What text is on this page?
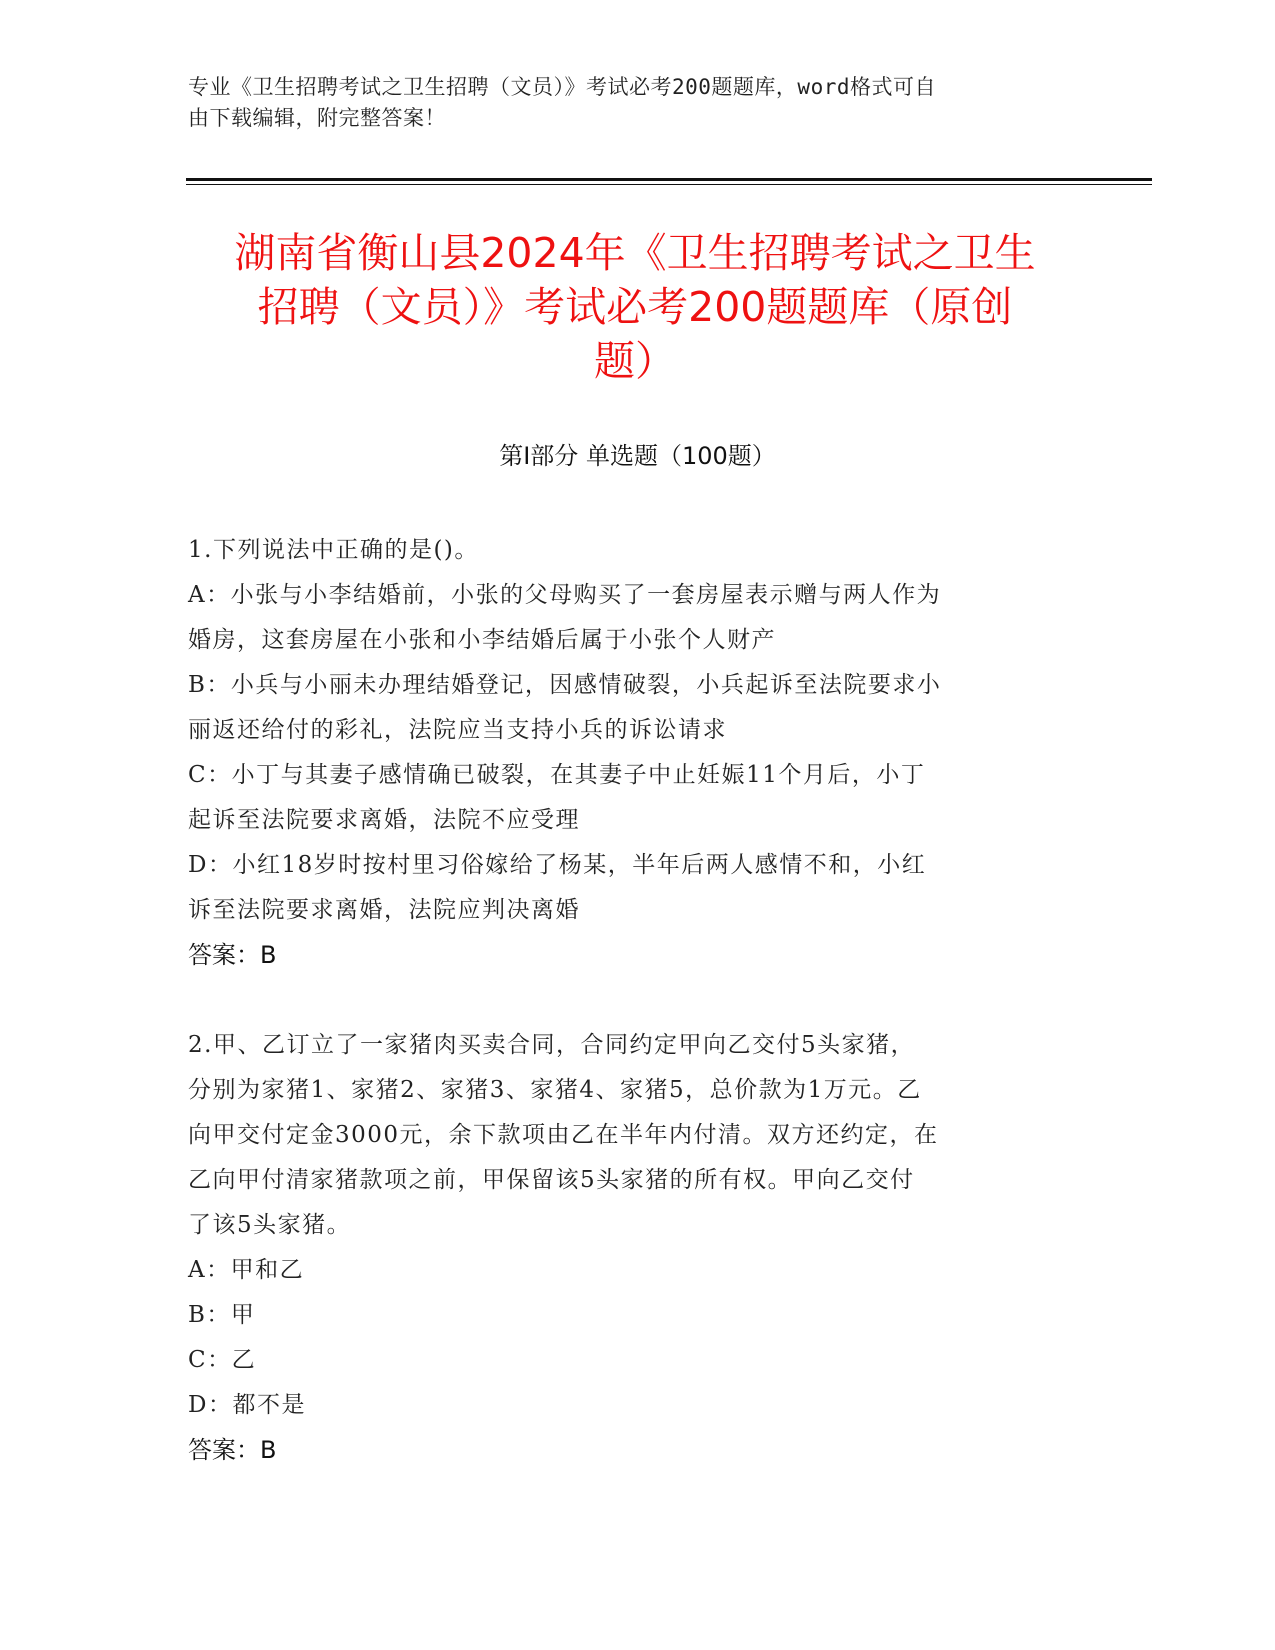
专业《卫生招聘考试之卫生招聘（文员）》考试必考200题题库，word格式可自
由下载编辑，附完整答案！
湖南省衡山县2024年《卫生招聘考试之卫生
招聘（文员）》考试必考200题题库（原创
题）
第Ⅰ部分 单选题（100题）
1.下列说法中正确的是()。
A：小张与小李结婚前，小张的父母购买了一套房屋表示赠与两人作为
婚房，这套房屋在小张和小李结婚后属于小张个人财产
B：小兵与小丽未办理结婚登记，因感情破裂，小兵起诉至法院要求小
丽返还给付的彩礼，法院应当支持小兵的诉讼请求
C：小丁与其妻子感情确已破裂，在其妻子中止妊娠11个月后，小丁
起诉至法院要求离婚，法院不应受理
D：小红18岁时按村里习俗嫁给了杨某，半年后两人感情不和，小红
诉至法院要求离婚，法院应判决离婚
答案：B
2.甲、乙订立了一家猪肉买卖合同，合同约定甲向乙交付5头家猪，
分别为家猪1、家猪2、家猪3、家猪4、家猪5，总价款为1万元。乙
向甲交付定金3000元，余下款项由乙在半年内付清。双方还约定，在
乙向甲付清家猪款项之前，甲保留该5头家猪的所有权。甲向乙交付
了该5头家猪。
A：甲和乙
B：甲
C：乙
D：都不是
答案：B
